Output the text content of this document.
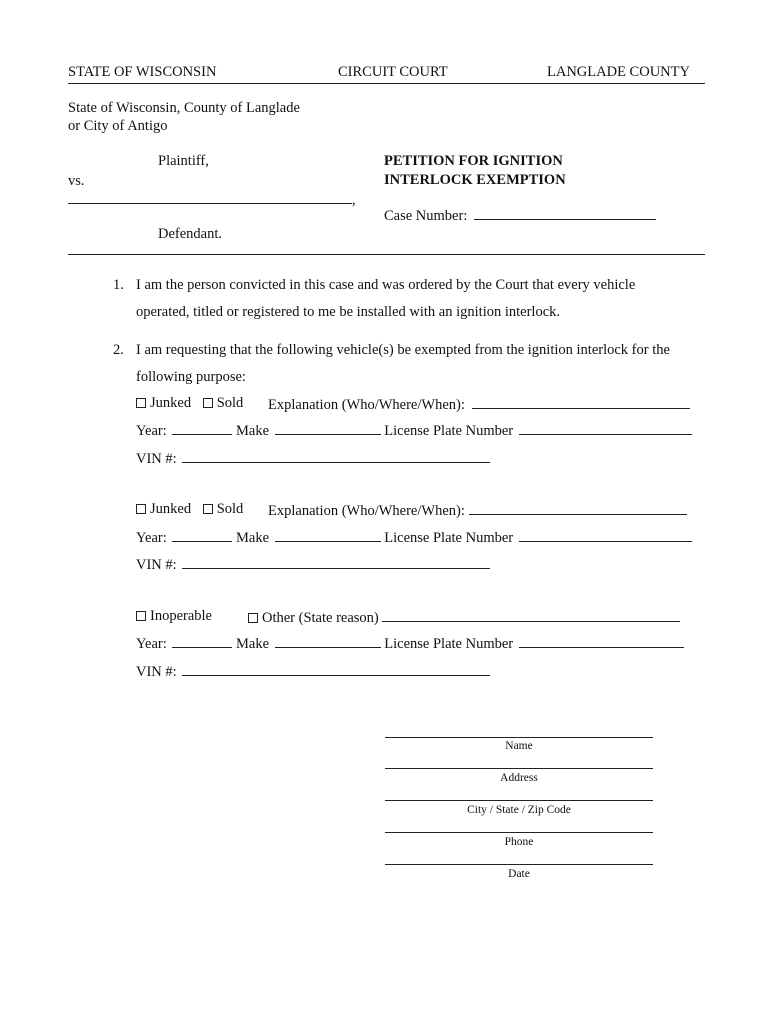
STATE OF WISCONSIN	CIRCUIT COURT	LANGLADE COUNTY
State of Wisconsin, County of Langlade
or City of Antigo
Plaintiff,
vs.
,
Defendant.
PETITION FOR IGNITION
INTERLOCK EXEMPTION
Case Number:
1. I am the person convicted in this case and was ordered by the Court that every vehicle
operated, titled or registered to me be installed with an ignition interlock.
2. I am requesting that the following vehicle(s) be exempted from the ignition interlock for the
following purpose:
Junked Sold Explanation (Who/Where/When):
Year:	Make	License Plate Number
VIN #:
Junked Sold Explanation (Who/Where/When):
Year:	Make	License Plate Number
VIN #:
Inoperable	Other (State reason)
Year:	Make	License Plate Number
VIN #:
Name
Address
City / State / Zip Code
Phone
Date
